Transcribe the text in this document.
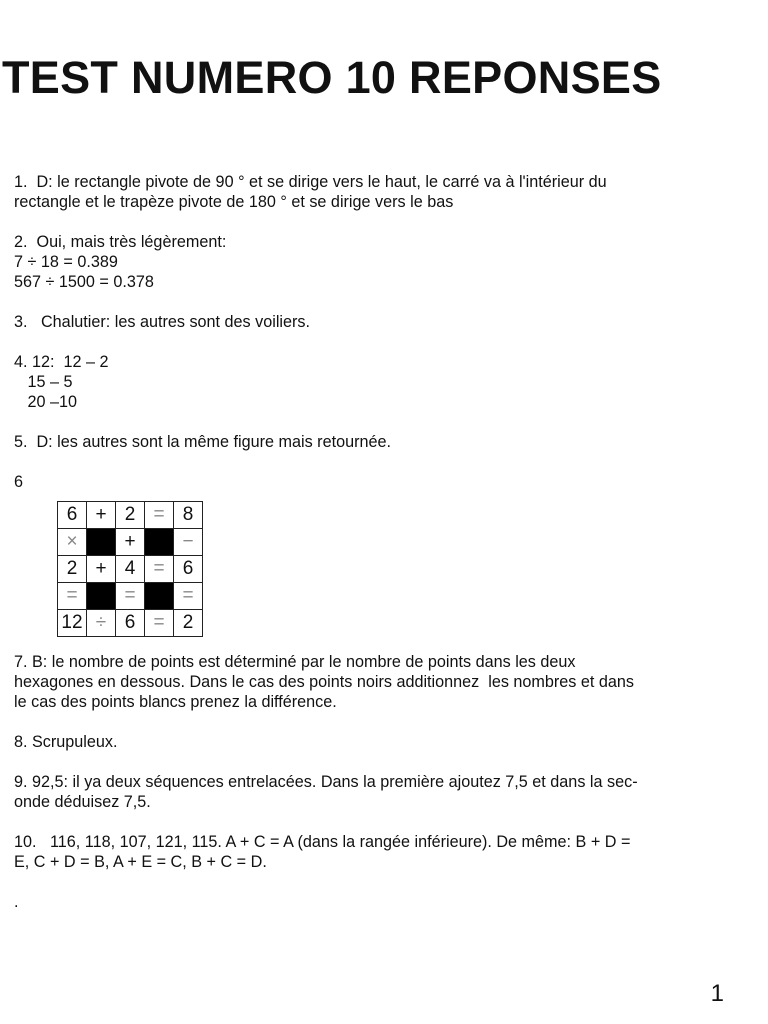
TEST NUMERO 10 REPONSES
1.  D: le rectangle pivote de 90 ° et se dirige vers le haut, le carré va à l'intérieur du
rectangle et le trapèze pivote de 180 ° et se dirige vers le bas
2.  Oui, mais très légèrement:
7 ÷ 18 = 0.389
567 ÷ 1500 = 0.378
3.   Chalutier: les autres sont des voiliers.
4. 12:  12 – 2
15 – 5
20 –10
5.  D: les autres sont la même figure mais retournée.
6
6	+	2	=	8
×		+		−
2	+	4	=	6
=		=		=
12	÷	6	=	2
7. B: le nombre de points est déterminé par le nombre de points dans les deux
hexagones en dessous. Dans le cas des points noirs additionnez  les nombres et dans
le cas des points blancs prenez la différence.
8. Scrupuleux.
9. 92,5: il ya deux séquences entrelacées. Dans la première ajoutez 7,5 et dans la sec-
onde déduisez 7,5.
10.   116, 118, 107, 121, 115. A + C = A (dans la rangée inférieure). De même: B + D =
E, C + D = B, A + E = C, B + C = D.
.
1
